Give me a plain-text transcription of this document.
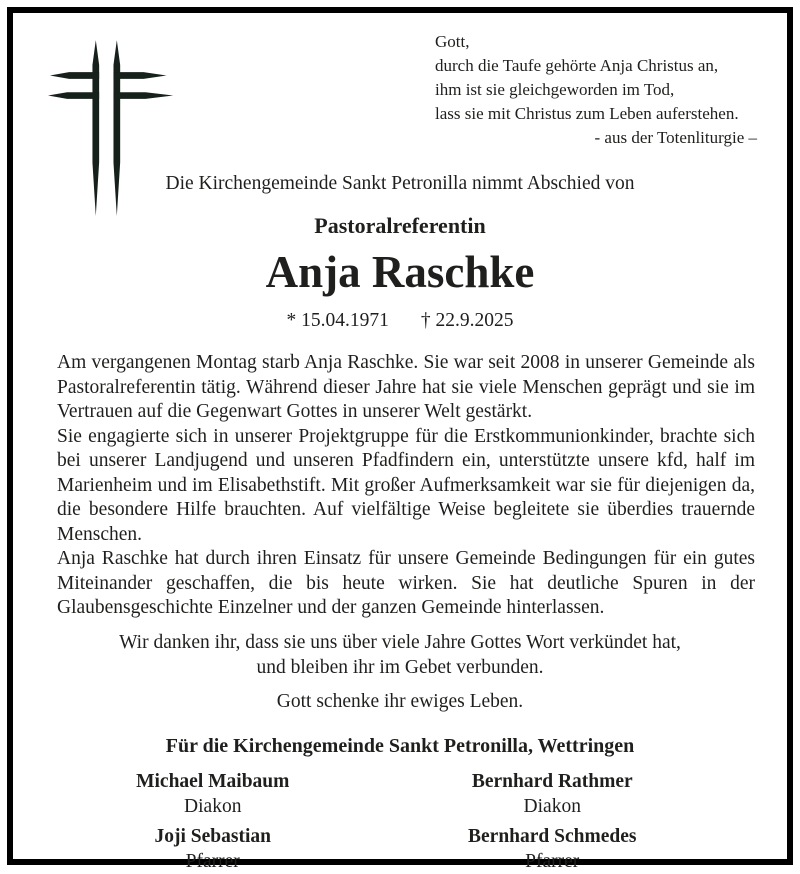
Gott,
durch die Taufe gehörte Anja Christus an,
ihm ist sie gleichgeworden im Tod,
lass sie mit Christus zum Leben auferstehen.
- aus der Totenliturgie –
Die Kirchengemeinde Sankt Petronilla nimmt Abschied von
Pastoralreferentin
Anja Raschke
* 15.04.1971 † 22.9.2025

Am vergangenen Montag starb Anja Raschke. Sie war seit 2008 in unserer Gemeinde als Pastoralreferentin tätig. Während dieser Jahre hat sie viele Menschen geprägt und sie im Vertrauen auf die Gegenwart Gottes in unserer Welt gestärkt.

Sie engagierte sich in unserer Projektgruppe für die Erstkommunionkinder, brachte sich bei unserer Landjugend und unseren Pfadfindern ein, unterstützte unsere kfd, half im Marienheim und im Elisabethstift. Mit großer Aufmerksamkeit war sie für diejenigen da, die besondere Hilfe brauchten. Auf vielfältige Weise begleitete sie überdies trauernde Menschen.

Anja Raschke hat durch ihren Einsatz für unsere Gemeinde Bedingungen für ein gutes Miteinander geschaffen, die bis heute wirken. Sie hat deutliche Spuren in der Glaubensgeschichte Einzelner und der ganzen Gemeinde hinterlassen.

Wir danken ihr, dass sie uns über viele Jahre Gottes Wort verkündet hat,
und bleiben ihr im Gebet verbunden.
Gott schenke ihr ewiges Leben.
Für die Kirchengemeinde Sankt Petronilla, Wettringen
Michael Maibaum
Diakon
Joji Sebastian
Pfarrer
Bernhard Rathmer
Diakon
Bernhard Schmedes
Pfarrer
